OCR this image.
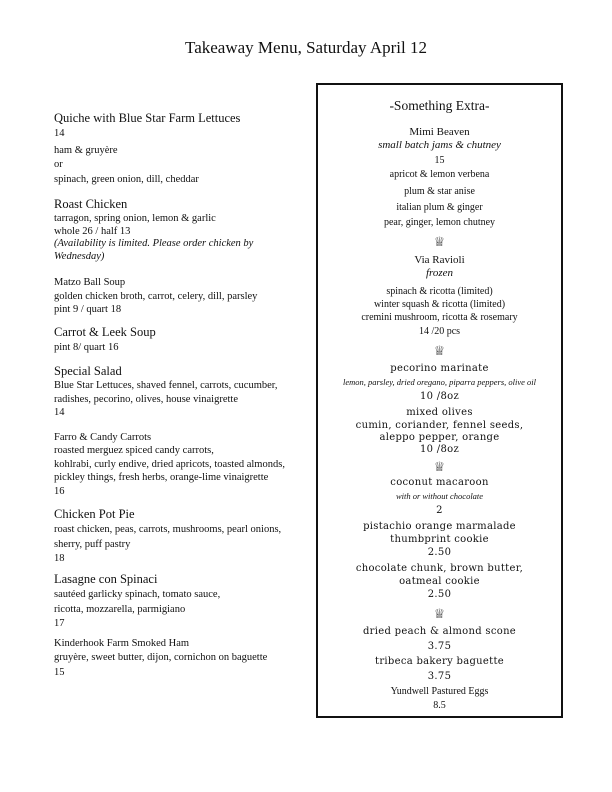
Takeaway Menu, Saturday April 12
Quiche with Blue Star Farm Lettuces
14
ham & gruyère
or
spinach, green onion, dill, cheddar
Roast Chicken
tarragon, spring onion, lemon & garlic
whole 26 / half 13
(Availability is limited. Please order chicken by
Wednesday)
Matzo Ball Soup
golden chicken broth, carrot, celery, dill, parsley
pint 9 / quart 18
Carrot & Leek Soup
pint 8/ quart 16
Special Salad
Blue Star Lettuces, shaved fennel, carrots, cucumber,
radishes, pecorino, olives, house vinaigrette
14
Farro & Candy Carrots
roasted merguez spiced candy carrots,
kohlrabi, curly endive, dried apricots, toasted almonds,
pickley things, fresh herbs, orange-lime vinaigrette
16
Chicken Pot Pie
roast chicken, peas, carrots, mushrooms, pearl onions,
sherry, puff pastry
18
Lasagne con Spinaci
sautéed garlicky spinach, tomato sauce,
ricotta, mozzarella, parmigiano
17
Kinderhook Farm Smoked Ham
gruyère, sweet butter, dijon, cornichon on baguette
15
-Something Extra-
Mimi Beaven
small batch jams & chutney
15
apricot & lemon verbena
plum & star anise
italian plum & ginger
pear, ginger, lemon chutney
♕
Via Ravioli
frozen
spinach & ricotta (limited)
winter squash & ricotta (limited)
cremini mushroom, ricotta & rosemary
14 /20 pcs
♕
pecorino marinate
lemon, parsley, dried oregano, piparra peppers, olive oil
10 /8oz
mixed olives
cumin, coriander, fennel seeds,
aleppo pepper, orange
10 /8oz
♕
coconut macaroon
with or without chocolate
2
pistachio orange marmalade
thumbprint cookie
2.50
chocolate chunk, brown butter,
oatmeal cookie
2.50
♕
dried peach & almond scone
3.75
tribeca bakery baguette
3.75
Yundwell Pastured Eggs
8.5
